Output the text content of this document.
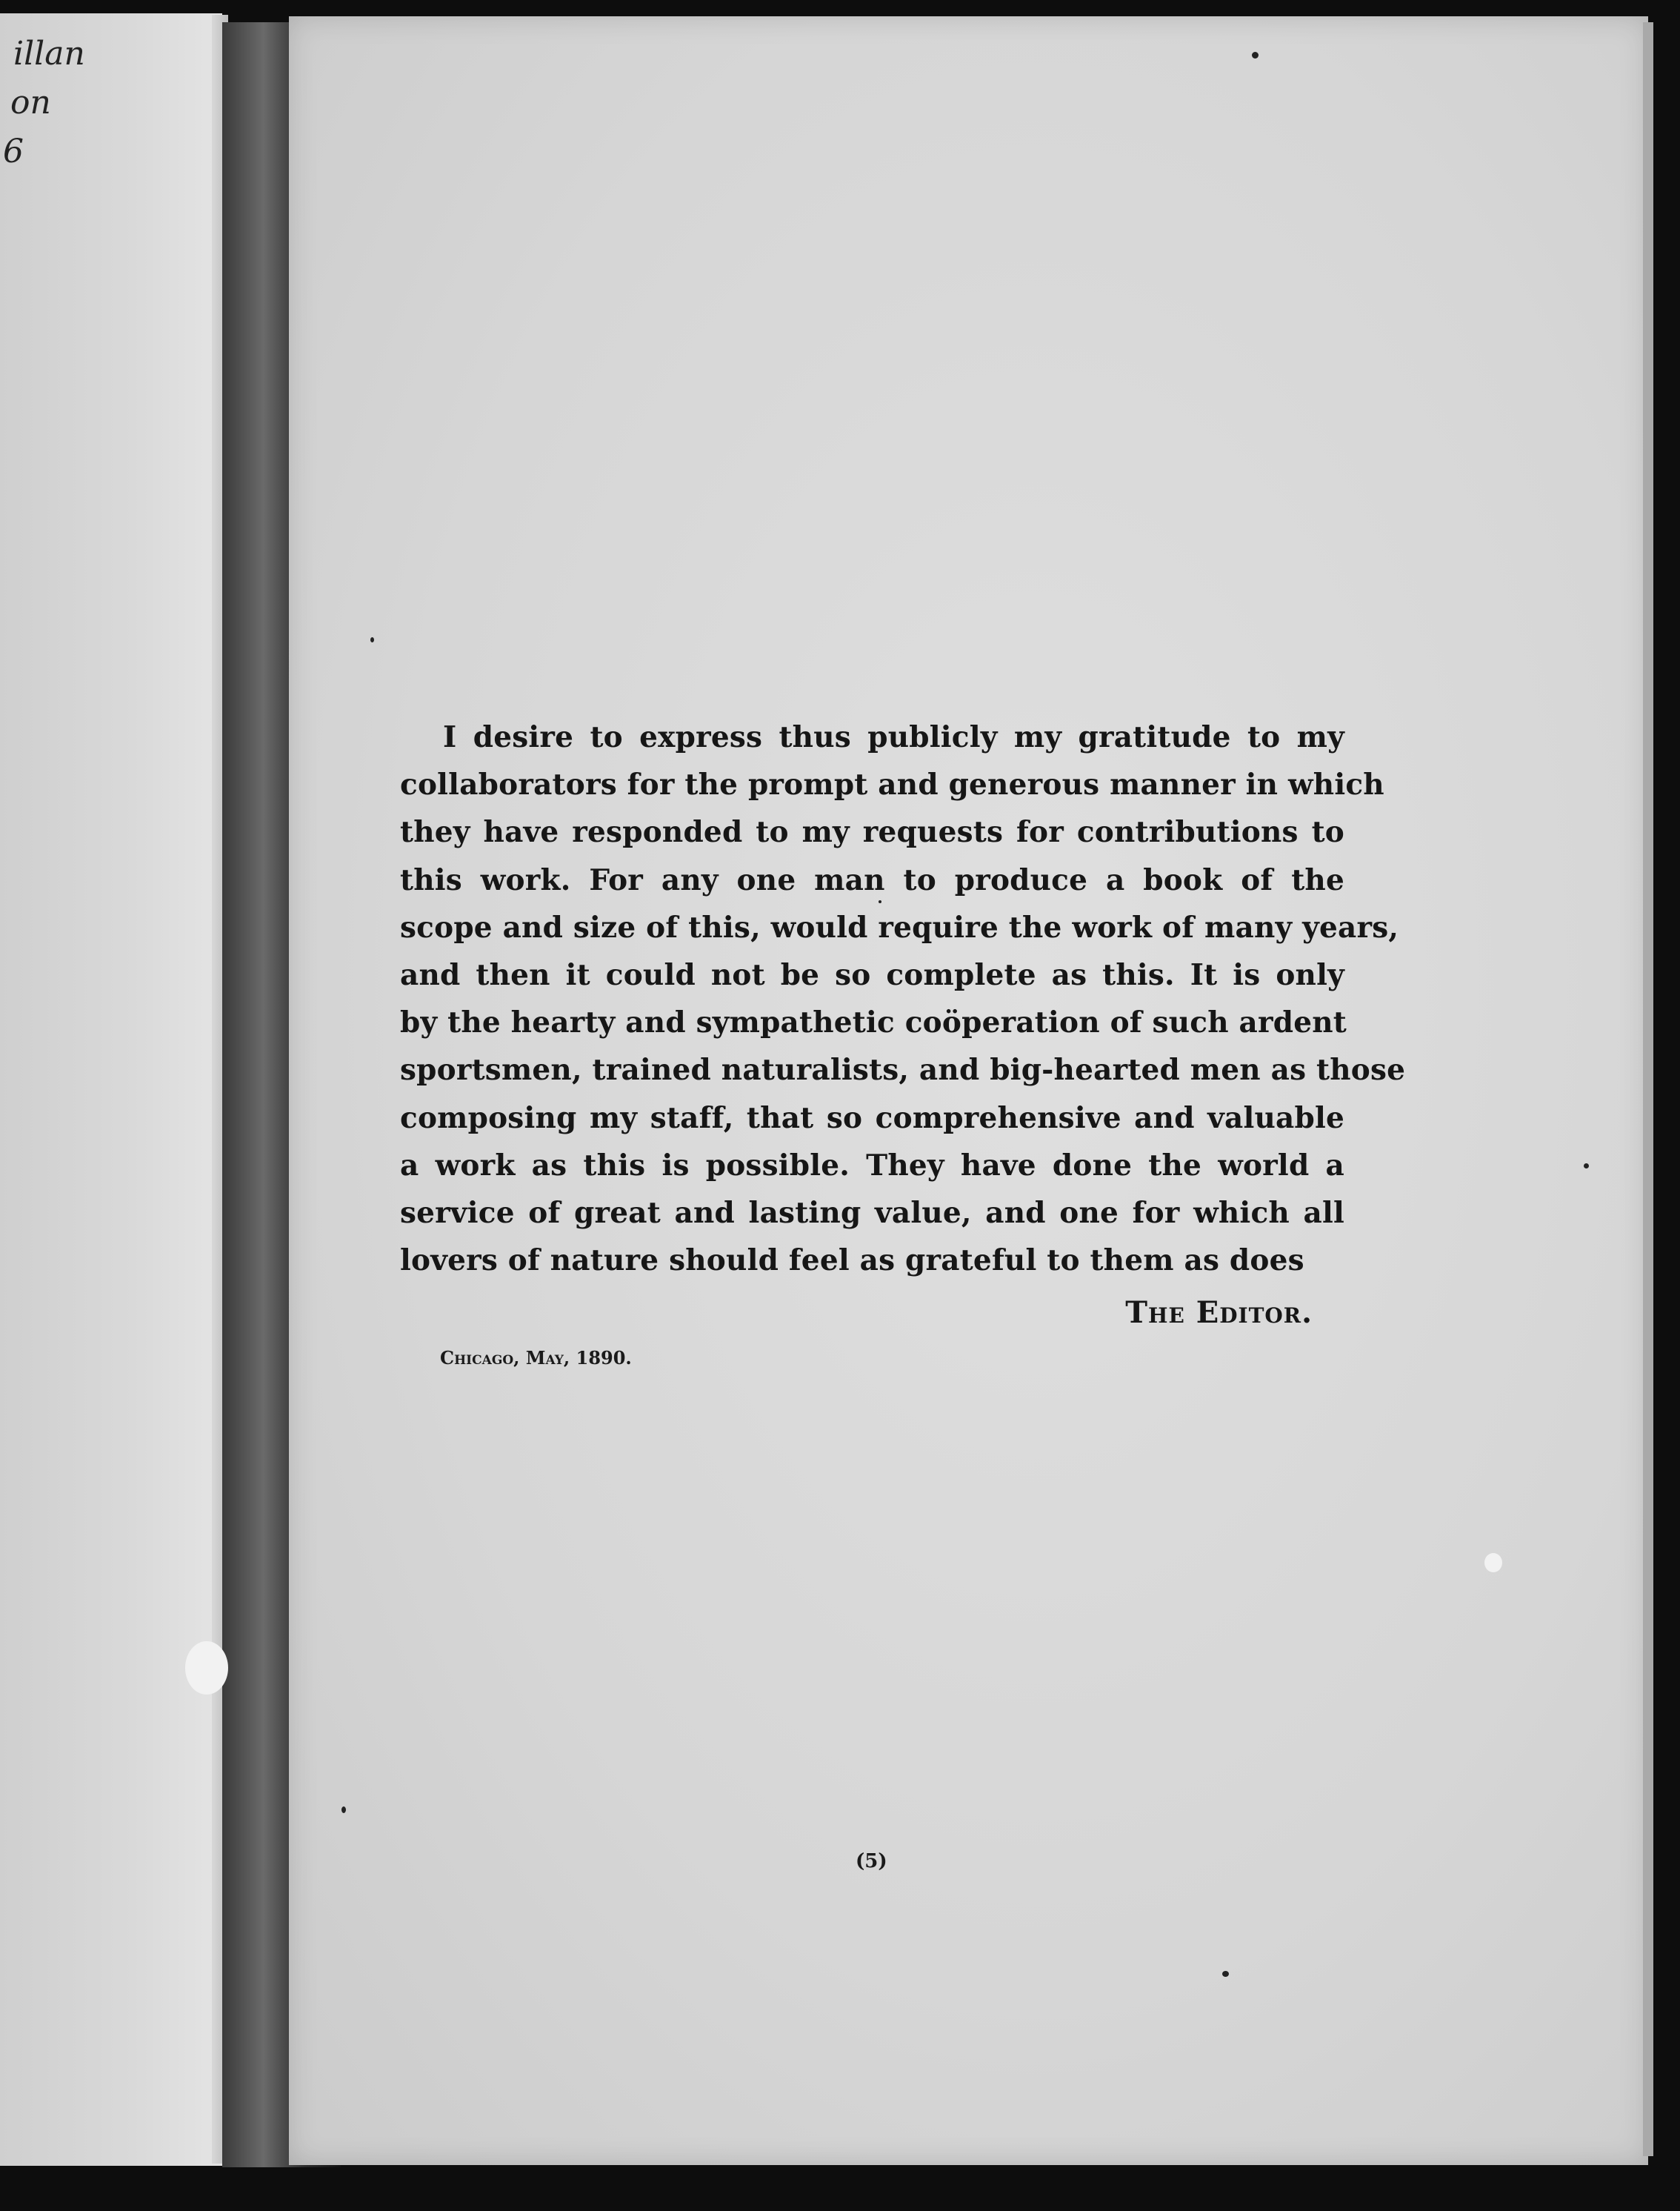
illan
on
6
I desire to express thus publicly my gratitude to my
collaborators for the prompt and generous manner in which
they have responded to my requests for contributions to
this work. For any one man to produce a book of the
scope and size of this, would require the work of many years,
and then it could not be so complete as this. It is only
by the hearty and sympathetic coöperation of such ardent
sportsmen, trained naturalists, and big-hearted men as those
composing my staff, that so comprehensive and valuable
a work as this is possible. They have done the world a
service of great and lasting value, and one for which all
lovers of nature should feel as grateful to them as does
The Editor.
Chicago, May, 1890.
(5)
